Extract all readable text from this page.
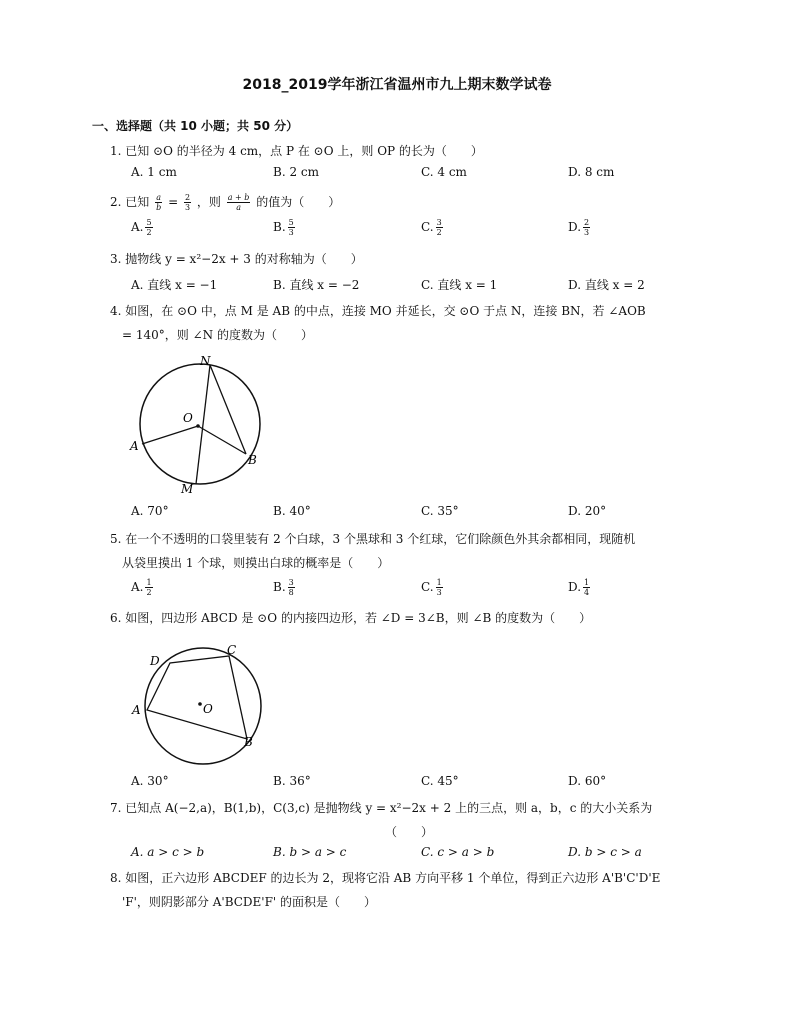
2018_2019学年浙江省温州市九上期末数学试卷
一、选择题（共 10 小题；共 50 分）
1. 已知 ⊙O 的半径为 4 cm，点 P 在 ⊙O 上，则 OP 的长为（　　）
A. 1 cm	B. 2 cm	C. 4 cm	D. 8 cm
2. 已知 $\frac{a}{b} = \frac{2}{3}$ ，则 $\frac{a + b}{a}$ 的值为（　　）
A. $\frac{5}{2}$	B. $\frac{5}{3}$	C. $\frac{3}{2}$	D. $\frac{2}{3}$
3. 抛物线 y = x²−2x + 3 的对称轴为（　　）
A. 直线 x = −1	B. 直线 x = −2	C. 直线 x = 1	D. 直线 x = 2
4. 如图，在 ⊙O 中，点 M 是 AB 的中点，连接 MO 并延长，交 ⊙O 于点 N，连接 BN，若 ∠AOB
= 140°，则 ∠N 的度数为（　　）
N
O
A
B
M
A. 70°	B. 40°	C. 35°	D. 20°
5. 在一个不透明的口袋里装有 2 个白球，3 个黑球和 3 个红球，它们除颜色外其余都相同，现随机
从袋里摸出 1 个球，则摸出白球的概率是（　　）
A. $\frac{1}{2}$	B. $\frac{3}{8}$	C. $\frac{1}{3}$	D. $\frac{1}{4}$
6. 如图，四边形 ABCD 是 ⊙O 的内接四边形，若 ∠D = 3∠B，则 ∠B 的度数为（　　）
D
C
A	O
B
A. 30°	B. 36°	C. 45°	D. 60°
7. 已知点 A(−2,a)，B(1,b)，C(3,c) 是抛物线 y = x²−2x + 2 上的三点，则 a，b，c 的大小关系为
（　　）
A. a > c > b	B. b > a > c	C. c > a > b	D. b > c > a
8. 如图，正六边形 ABCDEF 的边长为 2，现将它沿 AB 方向平移 1 个单位，得到正六边形 A'B'C'D'E
'F'，则阴影部分 A'BCDE'F' 的面积是（　　）
